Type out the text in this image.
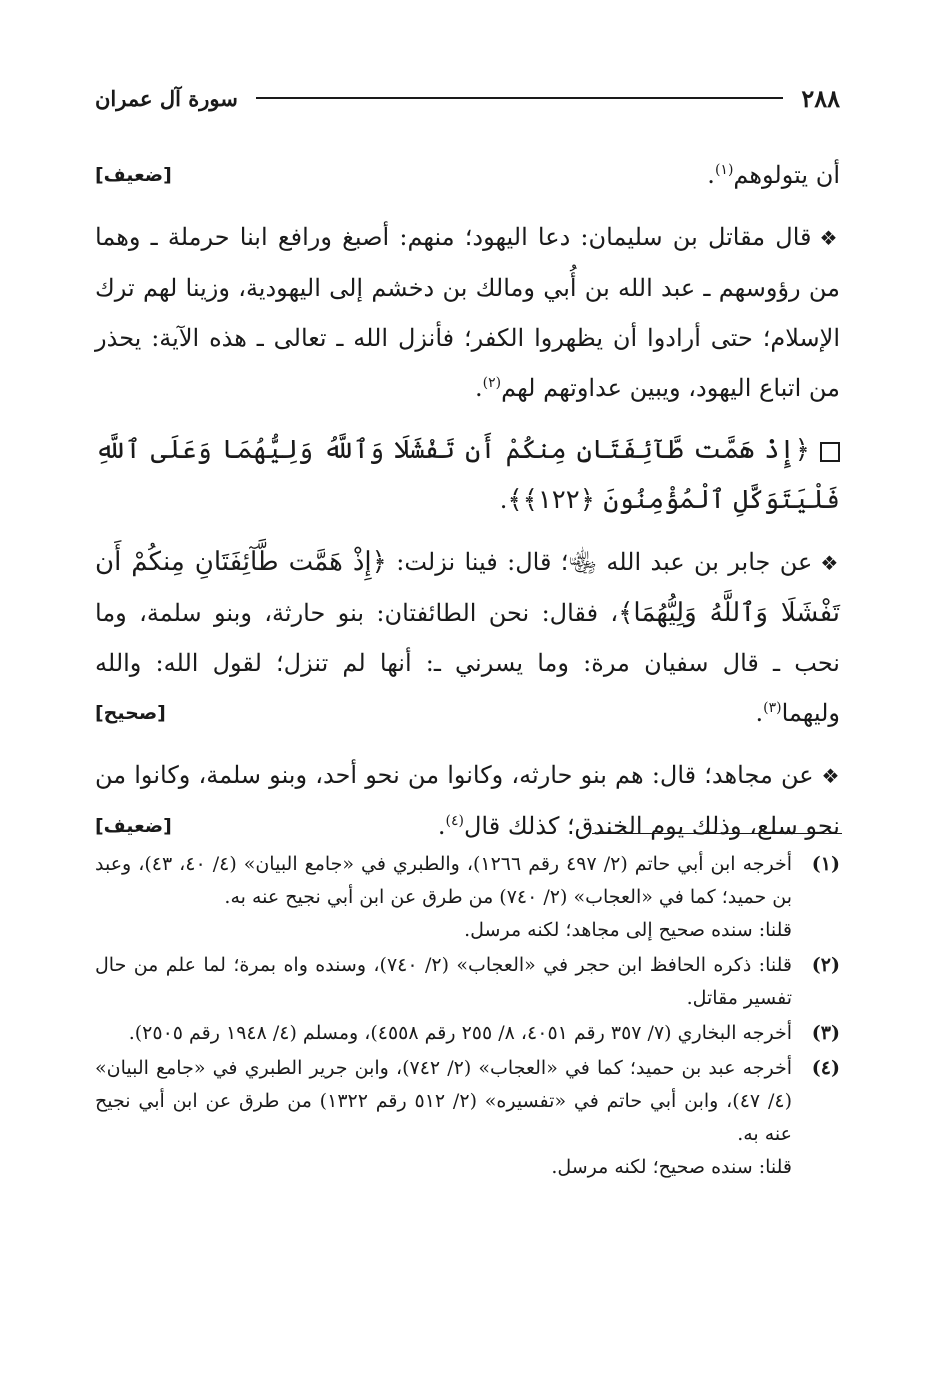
٢٨٨
سورة آل عمران

[ضعيف]	أن يتولوهم$^{(١)}$.

❖قال مقاتل بن سليمان: دعا اليهود؛ منهم: أصبغ ورافع ابنا حرملة ـ وهما من رؤوسهم ـ عبد الله بن أُبي ومالك بن دخشم إلى اليهودية، وزينا لهم ترك الإسلام؛ حتى أرادوا أن يظهروا الكفر؛ فأنزل الله ـ تعالى ـ هذه الآية: يحذر من اتباع اليهود، ويبين عداوتهم لهم$^{(٢)}$.

﴿إِذْ هَمَّت طَّآئِفَتَانِ مِنكُمْ أَن تَفْشَلَا وَٱللَّهُ وَلِيُّهُمَا وَعَلَى ٱللَّهِ فَلْيَتَوَكَّلِ ٱلْمُؤْمِنُونَ ﴿١٢٢﴾﴾.

❖عن جابر بن عبد الله ﵄؛ قال: فينا نزلت: ﴿إِذْ هَمَّت طَّآئِفَتَانِ مِنكُمْ أَن تَفْشَلَا وَٱللَّهُ وَلِيُّهُمَا﴾، فقال: نحن الطائفتان: بنو حارثة، وبنو سلمة، وما نحب ـ قال سفيان مرة: وما يسرني ـ: أنها لم تنزل؛ لقول الله: والله وليهما$^{(٣)}$.
[صحيح]

❖عن مجاهد؛ قال: هم بنو حارثه، وكانوا من نحو أحد، وبنو سلمة، وكانوا من نحو سلع، وذلك يوم الخندق؛ كذلك قال$^{(٤)}$.
[ضعيف]

(١)
أخرجه ابن أبي حاتم (٢/ ٤٩٧ رقم ١٢٦٦)، والطبري في «جامع البيان» (٤/ ٤٠، ٤٣)، وعبد بن حميد؛ كما في «العجاب» (٢/ ٧٤٠) من طرق عن ابن أبي نجيح عنه به.
قلنا: سنده صحيح إلى مجاهد؛ لكنه مرسل.
(٢)
قلنا: ذكره الحافظ ابن حجر في «العجاب» (٢/ ٧٤٠)، وسنده واه بمرة؛ لما علم من حال تفسير مقاتل.
(٣)
أخرجه البخاري (٧/ ٣٥٧ رقم ٤٠٥١، ٨/ ٢٥٥ رقم ٤٥٥٨)، ومسلم (٤/ ١٩٤٨ رقم ٢٥٠٥).
(٤)
أخرجه عبد بن حميد؛ كما في «العجاب» (٢/ ٧٤٢)، وابن جرير الطبري في «جامع البيان» (٤/ ٤٧)، وابن أبي حاتم في «تفسيره» (٢/ ٥١٢ رقم ١٣٢٢) من طرق عن ابن أبي نجيح عنه به.
قلنا: سنده صحيح؛ لكنه مرسل.
